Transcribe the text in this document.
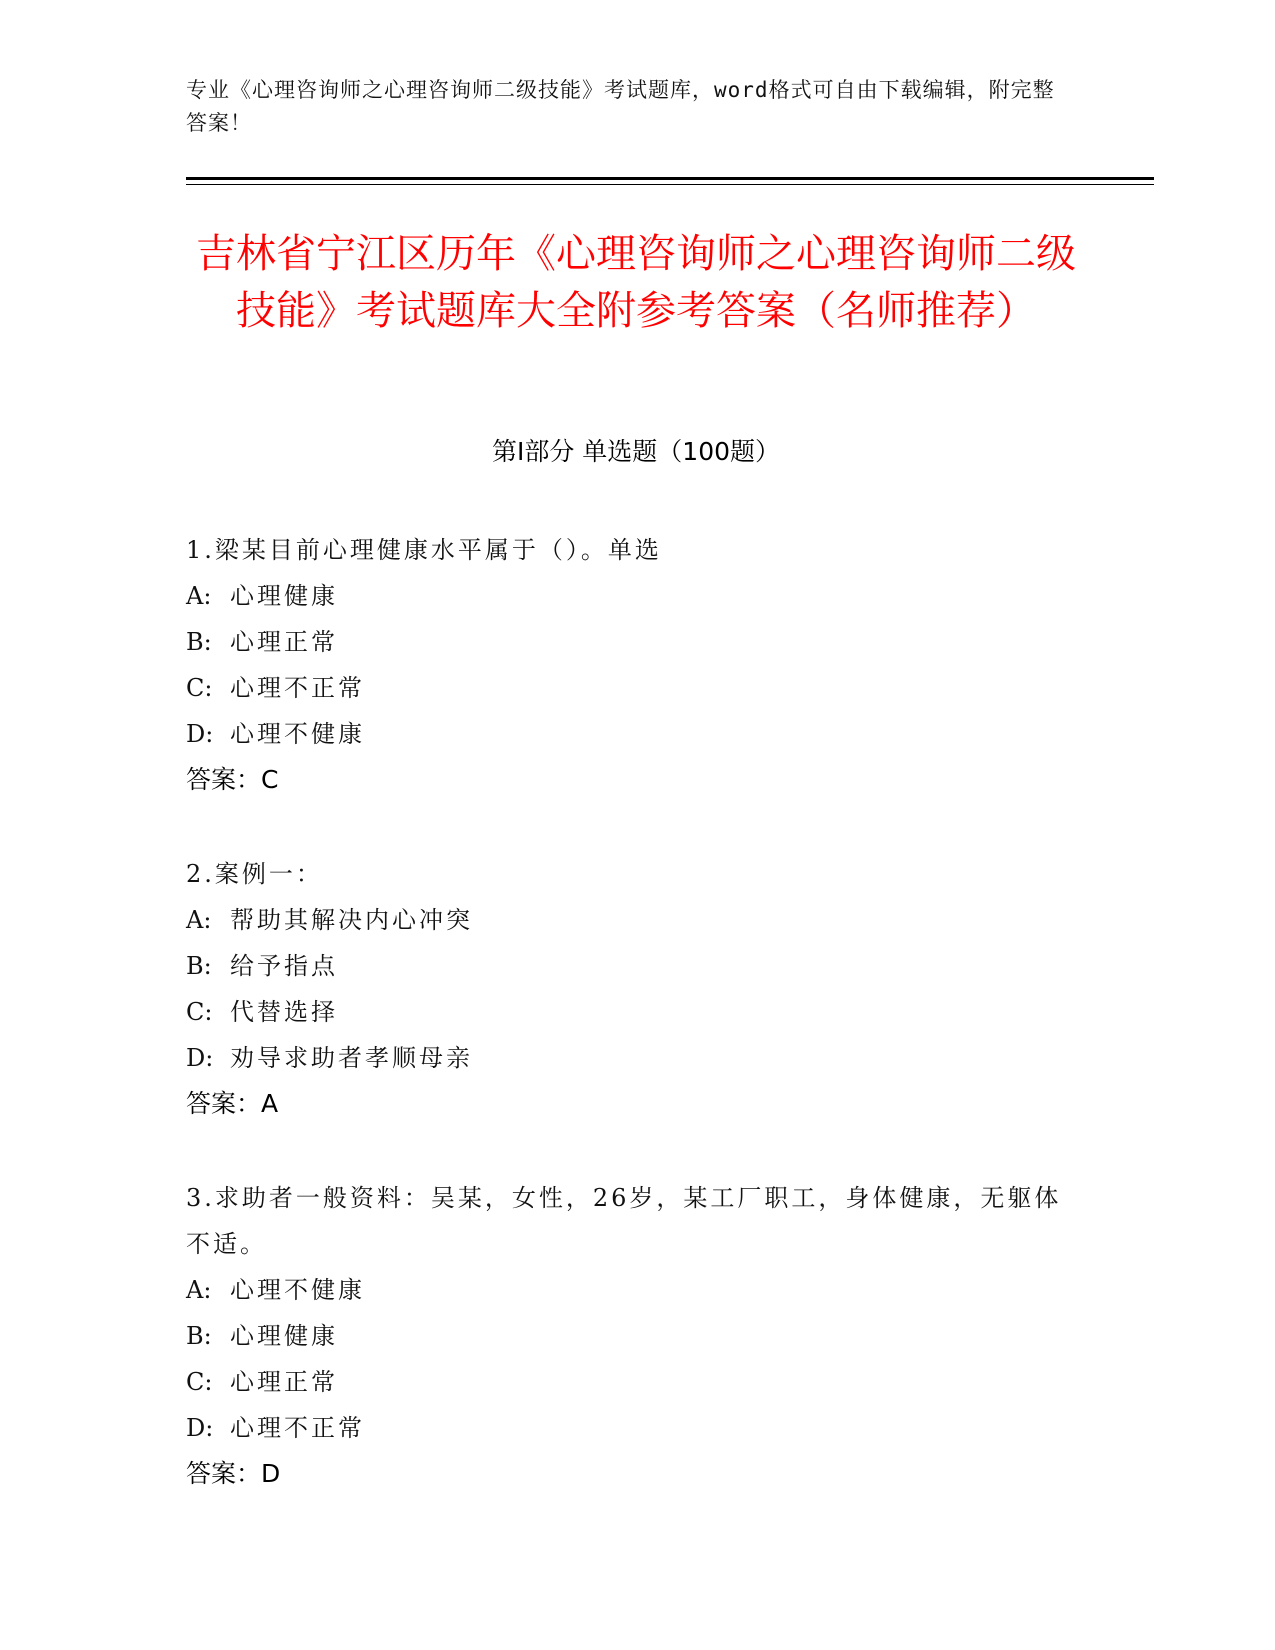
专业《心理咨询师之心理咨询师二级技能》考试题库，word格式可自由下载编辑，附完整答案！
吉林省宁江区历年《心理咨询师之心理咨询师二级技能》考试题库大全附参考答案（名师推荐）
第Ⅰ部分 单选题（100题）
1.梁某目前心理健康水平属于（）。单选
A: 心理健康
B: 心理正常
C: 心理不正常
D: 心理不健康
答案：C
2.案例一：
A: 帮助其解决内心冲突
B: 给予指点
C: 代替选择
D: 劝导求助者孝顺母亲
答案：A
3.求助者一般资料：吴某，女性，26岁，某工厂职工，身体健康，无躯体不适。
A: 心理不健康
B: 心理健康
C: 心理正常
D: 心理不正常
答案：D
